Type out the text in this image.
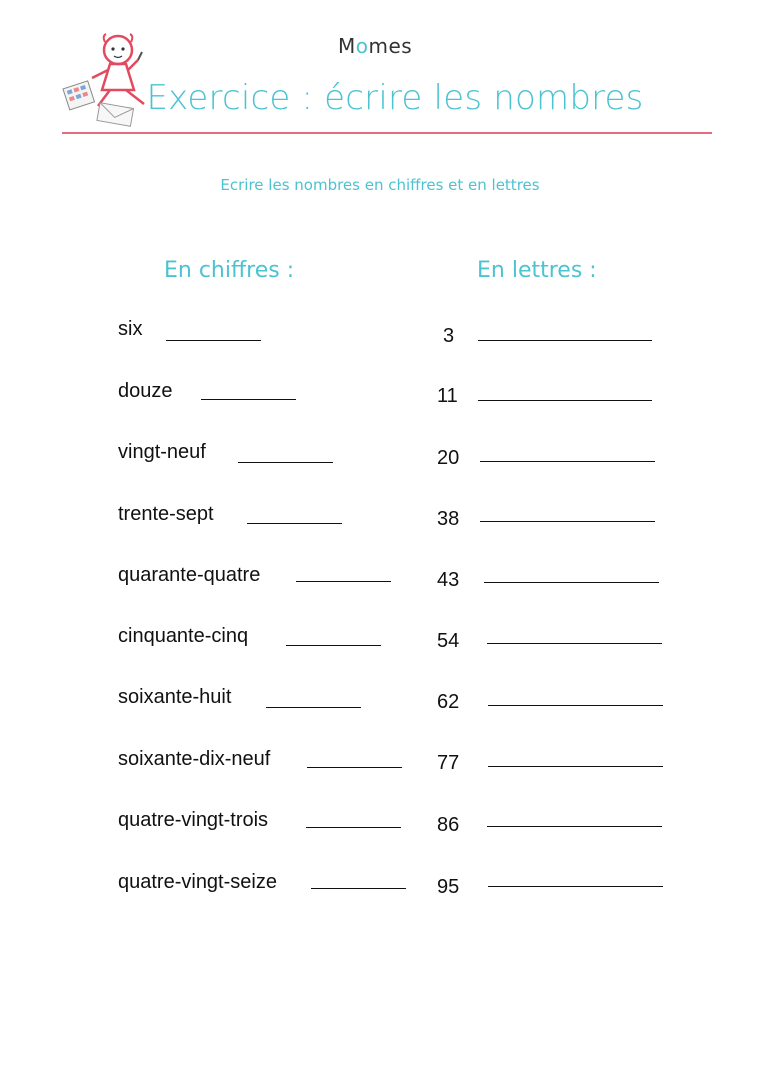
Momes
Exercice : écrire les nombres
Ecrire les nombres en chiffres et en lettres
En chiffres :	En lettres :
six	3
douze	11
vingt-neuf	20
trente-sept	38
quarante-quatre	43
cinquante-cinq	54
soixante-huit	62
soixante-dix-neuf	77
quatre-vingt-trois	86
quatre-vingt-seize	95
